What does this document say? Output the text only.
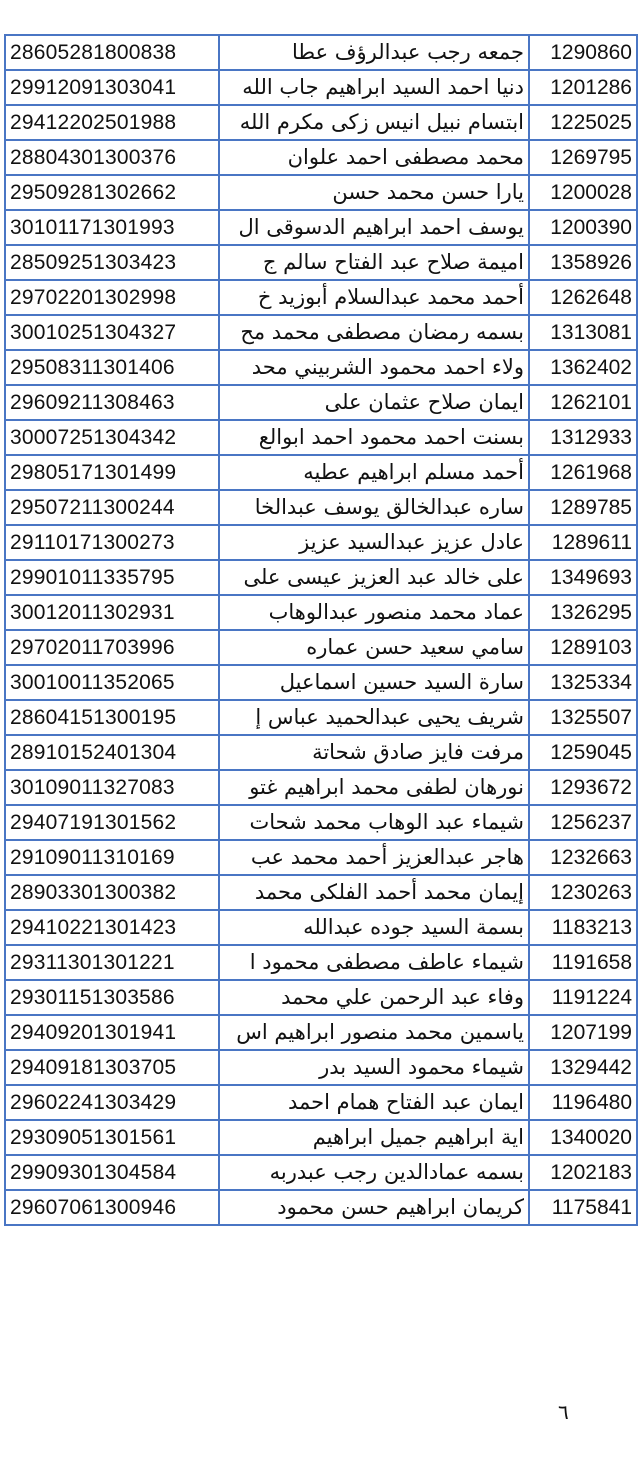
28605281800838	جمعه رجب عبدالرؤف عطا	1290860
29912091303041	دنيا احمد السيد ابراهيم جاب الله	1201286
29412202501988	ابتسام نبيل انيس زكى مكرم الله	1225025
28804301300376	محمد مصطفى احمد علوان	1269795
29509281302662	يارا حسن محمد حسن	1200028
30101171301993	يوسف احمد ابراهيم الدسوقى ال	1200390
28509251303423	اميمة صلاح عبد الفتاح سالم ج	1358926
29702201302998	أحمد محمد عبدالسلام أبوزيد خ	1262648
30010251304327	بسمه رمضان مصطفى محمد مح	1313081
29508311301406	ولاء احمد محمود الشربيني محد	1362402
29609211308463	ايمان صلاح عثمان على	1262101
30007251304342	بسنت احمد محمود احمد ابوالع	1312933
29805171301499	أحمد مسلم ابراهيم عطيه	1261968
29507211300244	ساره عبدالخالق يوسف عبدالخا	1289785
29110171300273	عادل عزيز عبدالسيد عزيز	1289611
29901011335795	على خالد عبد العزيز عيسى على	1349693
30012011302931	عماد محمد منصور عبدالوهاب	1326295
29702011703996	سامي سعيد حسن عماره	1289103
30010011352065	سارة السيد حسين اسماعيل	1325334
28604151300195	شريف يحيى عبدالحميد عباس إ	1325507
28910152401304	مرفت فايز صادق شحاتة	1259045
30109011327083	نورهان لطفى محمد ابراهيم غتو	1293672
29407191301562	شيماء عبد الوهاب محمد شحات	1256237
29109011310169	هاجر عبدالعزيز أحمد محمد عب	1232663
28903301300382	إيمان محمد أحمد الفلكى محمد	1230263
29410221301423	بسمة السيد جوده عبدالله	1183213
29311301301221	شيماء عاطف مصطفى محمود ا	1191658
29301151303586	وفاء عبد الرحمن علي محمد	1191224
29409201301941	ياسمين محمد منصور ابراهيم اس	1207199
29409181303705	شيماء محمود السيد بدر	1329442
29602241303429	ايمان عبد الفتاح همام احمد	1196480
29309051301561	اية ابراهيم جميل ابراهيم	1340020
29909301304584	بسمه عمادالدين رجب عبدربه	1202183
29607061300946	كريمان ابراهيم حسن محمود	1175841
٦
